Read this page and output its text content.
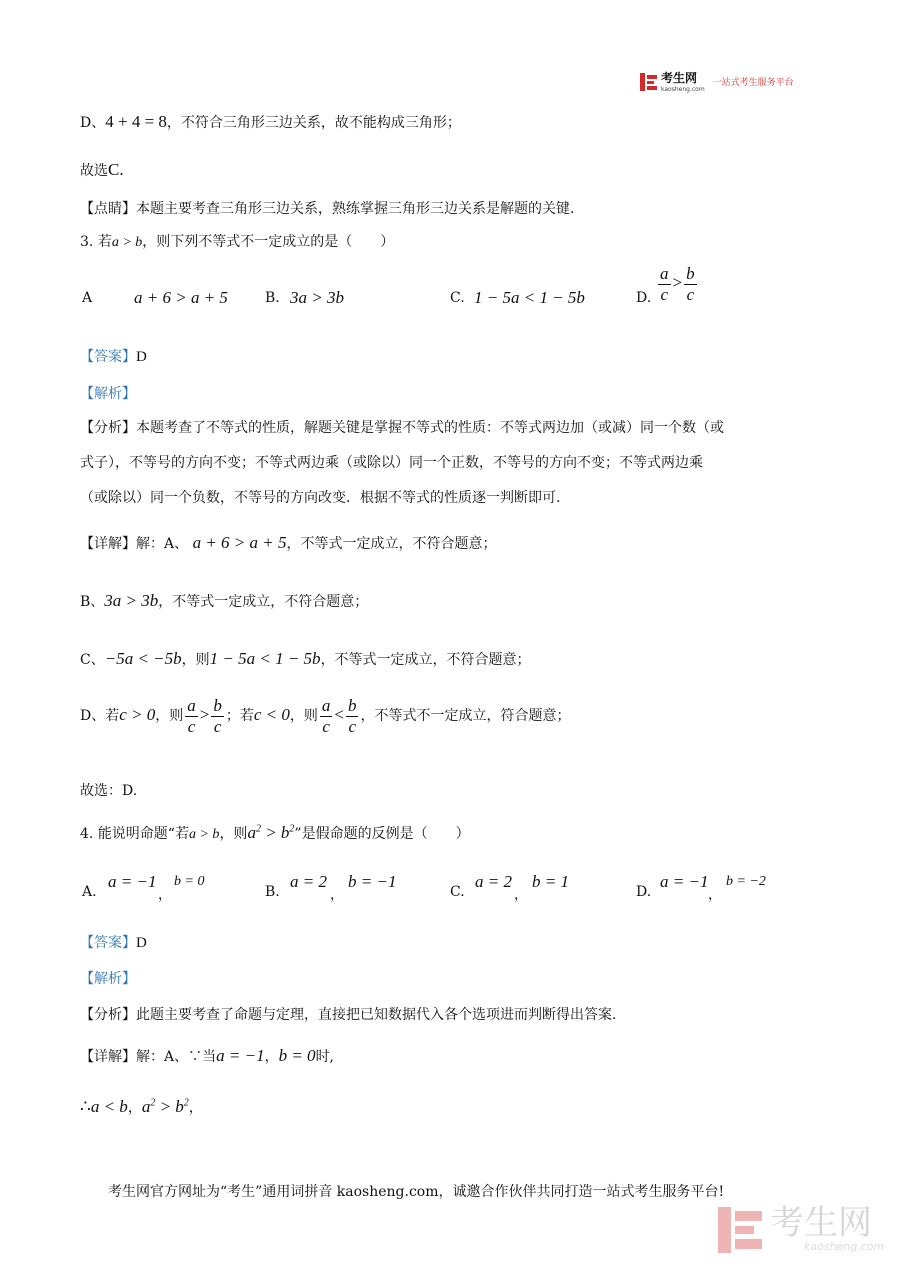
考生网
kaosheng.com
一站式考生服务平台
D、4 + 4 = 8，不符合三角形三边关系，故不能构成三角形；
故选C.
【点睛】本题主要考查三角形三边关系，熟练掌握三角形三边关系是解题的关键.
3. 若a > b，则下列不等式不一定成立的是（　　）
A a + 6 > a + 5	B. 3a > 3b	C. 1 − 5a < 1 − 5b	D. $\frac{a}{c} > \frac{b}{c}$
【答案】D
【解析】
【分析】本题考查了不等式的性质，解题关键是掌握不等式的性质：不等式两边加（或减）同一个数（或
式子），不等号的方向不变；不等式两边乘（或除以）同一个正数，不等号的方向不变；不等式两边乘
（或除以）同一个负数，不等号的方向改变．根据不等式的性质逐一判断即可.
【详解】解：A、 a + 6 > a + 5，不等式一定成立，不符合题意；
B、3a > 3b，不等式一定成立，不符合题意；
C、−5a < −5b，则1 − 5a < 1 − 5b，不等式一定成立，不符合题意；
D、若c > 0，则 $\frac{a}{c} > \frac{b}{c}$ ；若c < 0，则 $\frac{a}{c} < \frac{b}{c}$ ，不等式不一定成立，符合题意；
故选：D.
4. 能说明命题“若a > b，则$a^2 > b^2$”是假命题的反例是（　　）
A.
a = −1
，
b = 0
B.
a = 2
，
b = −1
C.
a = 2
，
b = 1
D.
a = −1
，
b = −2
【答案】D
【解析】
【分析】此题主要考查了命题与定理，直接把已知数据代入各个选项进而判断得出答案.
【详解】解：A、∵当a = −1，b = 0时,
∴a < b，$a^2 > b^2$，
考生网官方网址为“考生”通用词拼音 kaosheng.com，诚邀合作伙伴共同打造一站式考生服务平台!
考生网
kaosheng.com
